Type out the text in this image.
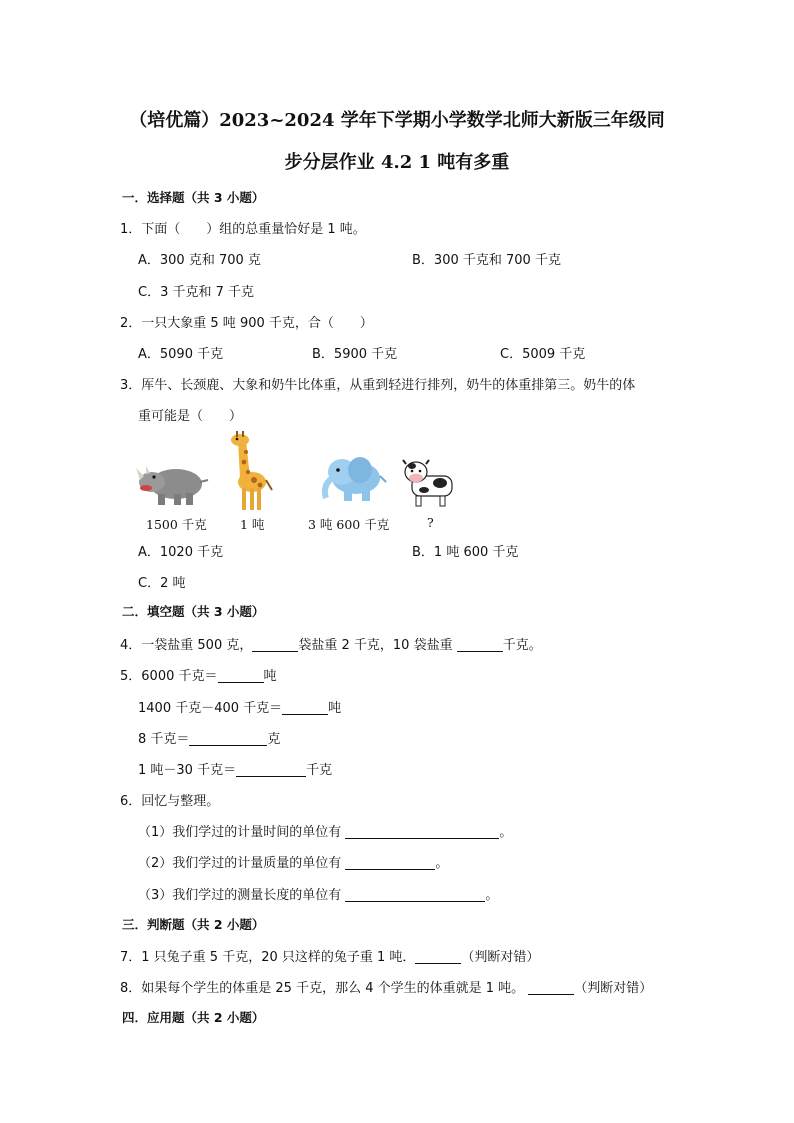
（培优篇）2023~2024 学年下学期小学数学北师大新版三年级同
步分层作业 4.2 1 吨有多重
一．选择题（共 3 小题）
1．下面（　　）组的总重量恰好是 1 吨。
A．300 克和 700 克	B．300 千克和 700 千克
C．3 千克和 7 千克
2．一只大象重 5 吨 900 千克，合（　　）
A．5090 千克	B．5900 千克	C．5009 千克
3．厍牛、长颈鹿、大象和奶牛比体重，从重到轻进行排列，奶牛的体重排第三。奶牛的体
重可能是（　　）
1500 千克	1 吨	3 吨 600 千克	?
A．1020 千克	B．1 吨 600 千克
C．2 吨
二．填空题（共 3 小题）
4．一袋盐重 500 克，	袋盐重 2 千克，10 袋盐重	千克。
5．6000 千克＝	吨
1400 千克－400 千克＝	吨
8 千克＝	克
1 吨－30 千克＝	千克
6．回忆与整理。
（1）我们学过的计量时间的单位有	。
（2）我们学过的计量质量的单位有	。
（3）我们学过的测量长度的单位有	。
三．判断题（共 2 小题）
7．1 只兔子重 5 千克，20 只这样的兔子重 1 吨．	（判断对错）
8．如果每个学生的体重是 25 千克，那么 4 个学生的体重就是 1 吨。	（判断对错）
四．应用题（共 2 小题）
